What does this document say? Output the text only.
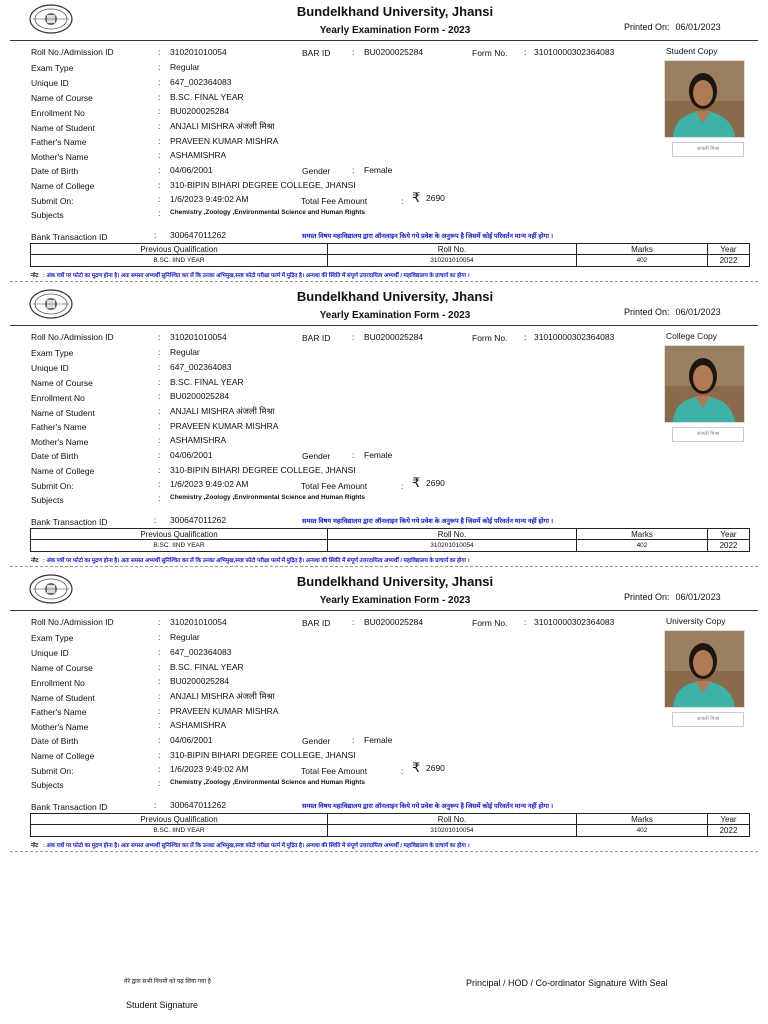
Bundelkhand University, Jhansi
Yearly Examination Form - 2023	Printed On: 06/01/2023
Roll No./Admission ID	: 310201010054	BAR ID	: BU0200025284	Form No. : 31010000302364083	Student Copy
Exam Type	: Regular
Unique ID	: 647_002364083
Name of Course	: B.SC. FINAL YEAR
Enrollment No	: BU0200025284
Name of Student	: ANJALI MISHRA अंजली मिश्रा
Father's Name	: PRAVEEN KUMAR MISHRA
Mother's Name	: ASHAMISHRA
Date of Birth	: 04/06/2001	Gender	: Female
Name of College	: 310-BIPIN BIHARI DEGREE COLLEGE, JHANSI
Submit On:	: 1/6/2023 9:49:02 AM	Total Fee Amount	: ₹ 2690
Subjects	: Chemistry ,Zoology ,Environmental Science and Human Rights
अंजली मिश्रा
Bank Transaction ID	: 300647011262	समस्त विषय महाविद्यालय द्वारा ऑनलाइन किये गये प्रवेश के अनुरूप है जिसमें कोई परिवर्तन मान्य नहीं होगा ।
Previous Qualification	Roll No.	Marks	Year
B.SC. IIND YEAR	310201010054	402	2022
नोट : अंक पत्रों पर फोटो का मुद्रण होना है। अतः समस्त अभ्यर्थी सुनिश्चित कर लें कि उनका अभिमुख,स्पष्ट फोटो परीक्षा फार्म में मुद्रित है। अन्यथा की स्थिति में संपूर्ण उत्तरदायित्व अभ्यर्थी / महाविद्यालय के प्राचार्य का होगा ।
Bundelkhand University, Jhansi
Yearly Examination Form - 2023	Printed On: 06/01/2023
Roll No./Admission ID	: 310201010054	BAR ID	: BU0200025284	Form No. : 31010000302364083	College Copy
Exam Type	: Regular
Unique ID	: 647_002364083
Name of Course	: B.SC. FINAL YEAR
Enrollment No	: BU0200025284
Name of Student	: ANJALI MISHRA अंजली मिश्रा
Father's Name	: PRAVEEN KUMAR MISHRA
Mother's Name	: ASHAMISHRA
Date of Birth	: 04/06/2001	Gender	: Female
Name of College	: 310-BIPIN BIHARI DEGREE COLLEGE, JHANSI
Submit On:	: 1/6/2023 9:49:02 AM	Total Fee Amount	: ₹ 2690
Subjects	: Chemistry ,Zoology ,Environmental Science and Human Rights
अंजली मिश्रा
Bank Transaction ID	: 300647011262	समस्त विषय महाविद्यालय द्वारा ऑनलाइन किये गये प्रवेश के अनुरूप है जिसमें कोई परिवर्तन मान्य नहीं होगा ।
Previous Qualification	Roll No.	Marks	Year
B.SC. IIND YEAR	310201010054	402	2022
नोट : अंक पत्रों पर फोटो का मुद्रण होना है। अतः समस्त अभ्यर्थी सुनिश्चित कर लें कि उनका अभिमुख,स्पष्ट फोटो परीक्षा फार्म में मुद्रित है। अन्यथा की स्थिति में संपूर्ण उत्तरदायित्व अभ्यर्थी / महाविद्यालय के प्राचार्य का होगा ।
Bundelkhand University, Jhansi
Yearly Examination Form - 2023	Printed On: 06/01/2023
Roll No./Admission ID	: 310201010054	BAR ID	: BU0200025284	Form No. : 31010000302364083	University Copy
Exam Type	: Regular
Unique ID	: 647_002364083
Name of Course	: B.SC. FINAL YEAR
Enrollment No	: BU0200025284
Name of Student	: ANJALI MISHRA अंजली मिश्रा
Father's Name	: PRAVEEN KUMAR MISHRA
Mother's Name	: ASHAMISHRA
Date of Birth	: 04/06/2001	Gender	: Female
Name of College	: 310-BIPIN BIHARI DEGREE COLLEGE, JHANSI
Submit On:	: 1/6/2023 9:49:02 AM	Total Fee Amount	: ₹ 2690
Subjects	: Chemistry ,Zoology ,Environmental Science and Human Rights
अंजली मिश्रा
Bank Transaction ID	: 300647011262	समस्त विषय महाविद्यालय द्वारा ऑनलाइन किये गये प्रवेश के अनुरूप है जिसमें कोई परिवर्तन मान्य नहीं होगा ।
Previous Qualification	Roll No.	Marks	Year
B.SC. IIND YEAR	310201010054	402	2022
नोट : अंक पत्रों पर फोटो का मुद्रण होना है। अतः समस्त अभ्यर्थी सुनिश्चित कर लें कि उनका अभिमुख,स्पष्ट फोटो परीक्षा फार्म में मुद्रित है। अन्यथा की स्थिति में संपूर्ण उत्तरदायित्व अभ्यर्थी / महाविद्यालय के प्राचार्य का होगा ।
मेरे द्वारा सभी नियमों को पढ़ लिया गया है	Principal / HOD / Co-ordinator Signature With Seal
Student Signature
